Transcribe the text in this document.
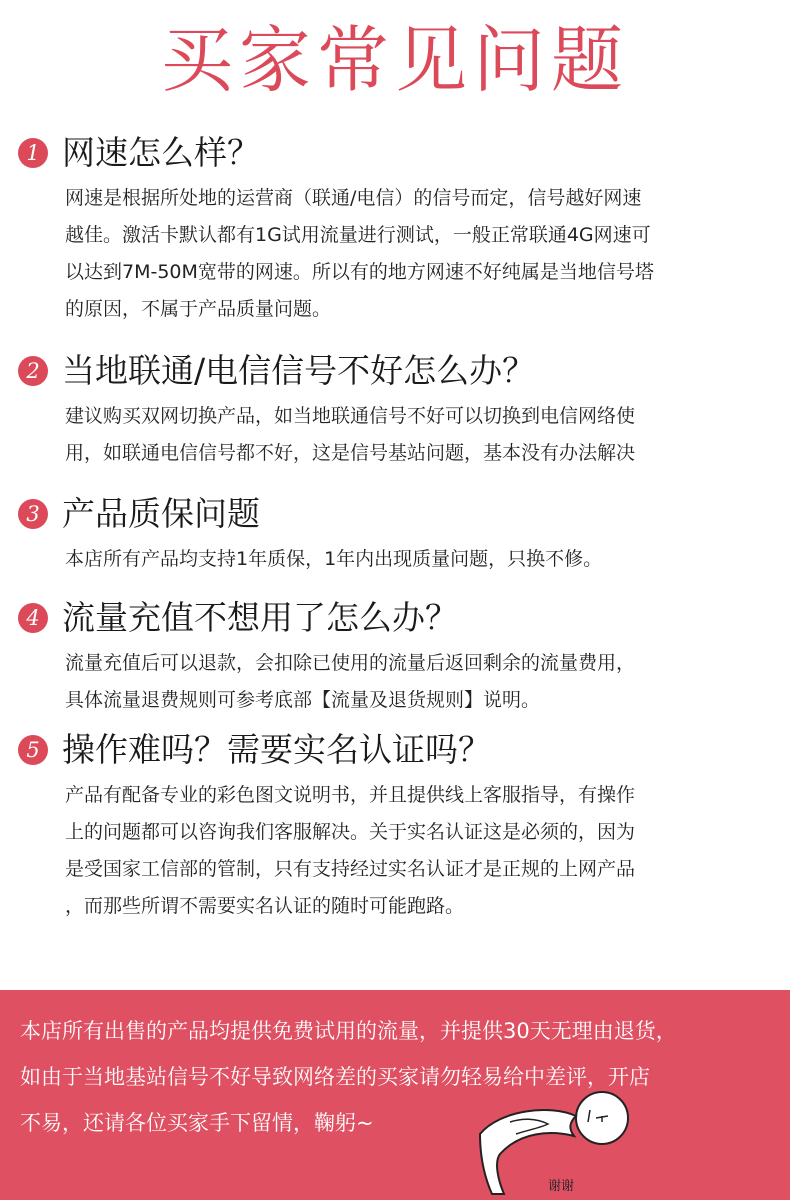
买家常见问题
1 网速怎么样？
网速是根据所处地的运营商（联通/电信）的信号而定，信号越好网速
越佳。激活卡默认都有1G试用流量进行测试，一般正常联通4G网速可
以达到7M-50M宽带的网速。所以有的地方网速不好纯属是当地信号塔
的原因，不属于产品质量问题。
2 当地联通/电信信号不好怎么办？
建议购买双网切换产品，如当地联通信号不好可以切换到电信网络使
用，如联通电信信号都不好，这是信号基站问题，基本没有办法解决
3 产品质保问题
本店所有产品均支持1年质保，1年内出现质量问题，只换不修。
4 流量充值不想用了怎么办？
流量充值后可以退款，会扣除已使用的流量后返回剩余的流量费用，
具体流量退费规则可参考底部【流量及退货规则】说明。
5 操作难吗？需要实名认证吗？
产品有配备专业的彩色图文说明书，并且提供线上客服指导，有操作
上的问题都可以咨询我们客服解决。关于实名认证这是必须的，因为
是受国家工信部的管制，只有支持经过实名认证才是正规的上网产品
，而那些所谓不需要实名认证的随时可能跑路。
本店所有出售的产品均提供免费试用的流量，并提供30天无理由退货，
如由于当地基站信号不好导致网络差的买家请勿轻易给中差评，开店
不易，还请各位买家手下留情，鞠躬~
谢谢
